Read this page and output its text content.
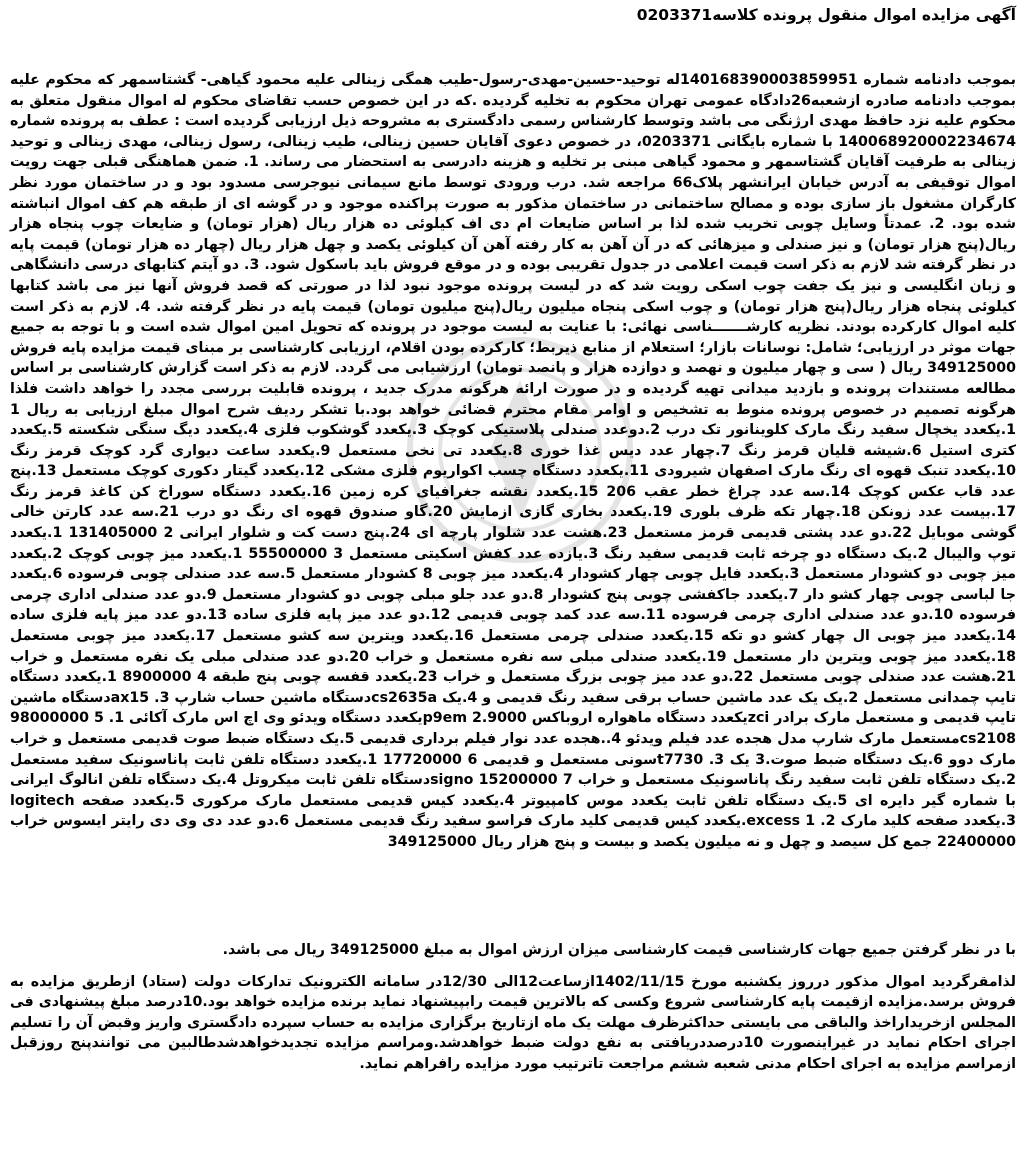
آگهی مزایده اموال منقول پرونده کلاسه0203371
بموجب دادنامه شماره 140168390003859951له توحید-حسین-مهدی-رسول-طیب همگی زینالی علیه محمود گیاهی- گشتاسمهر که محکوم علیه بموجب دادنامه صادره ازشعبه26دادگاه عمومی تهران محکوم به تخلیه گردیده .که در این خصوص حسب تقاضای محکوم له اموال منقول متعلق به محکوم علیه نزد حافظ مهدی ارژنگی می باشد وتوسط کارشناس رسمی دادگستری به مشروحه ذیل ارزیابی گردیده است : عطف به پرونده شماره 140068920002234674 با شماره بایگانی 0203371، در خصوص دعوی آقایان حسین زینالی، طیب زینالی، رسول زینالی، مهدی زینالی و توحید زینالی به طرفیت آقایان گشتاسمهر و محمود گیاهی مبنی بر تخلیه و هزینه دادرسی به استحضار می رساند. 1. ضمن هماهنگی قبلی جهت رویت اموال توقیفی به آدرس خیابان ایرانشهر پلاک66 مراجعه شد. درب ورودی توسط مانع سیمانی نیوجرسی مسدود بود و در ساختمان مورد نظر کارگران مشغول باز سازی بوده و مصالح ساختمانی در ساختمان مذکور به صورت پراکنده موجود و در گوشه ای از طبقه هم کف اموال انباشته شده بود. 2. عمدتاً وسایل چوبی تخریب شده لذا بر اساس ضایعات ام دی اف کیلوئی ده هزار ریال (هزار تومان) و ضایعات چوب پنجاه هزار ریال(پنج هزار تومان) و نیز صندلی و میزهائی که در آن آهن به کار رفته آهن آن کیلوئی یکصد و چهل هزار ریال (چهار ده هزار تومان) قیمت پایه در نظر گرفته شد لازم به ذکر است قیمت اعلامی در جدول تقریبی بوده و در موقع فروش باید باسکول شود. 3. دو آیتم کتابهای درسی دانشگاهی و زبان انگلیسی و نیز یک جفت چوب اسکی رویت شد که در لیست پرونده موجود نبود لذا در صورتی که قصد فروش آنها نیز می باشد کتابها کیلوئی پنجاه هزار ریال(پنج هزار تومان) و چوب اسکی پنجاه میلیون ریال(پنج میلیون تومان) قیمت پایه در نظر گرفته شد. 4. لازم به ذکر است کلیه اموال کارکرده بودند. نظریه کارشـــــــناسی نهائی: با عنایت به لیست موجود در پرونده که تحویل امین اموال شده است و با توجه به جمیع جهات موثر در ارزیابی؛ شامل: نوسانات بازار؛ استعلام از منابع ذیربط؛ کارکرده بودن اقلام، ارزیابی کارشناسی بر مبنای قیمت مزایده پایه فروش 349125000 ریال ( سی و چهار میلیون و نهصد و دوازده هزار و پانصد تومان) ارزشیابی می گردد. لازم به ذکر است گزارش کارشناسی بر اساس مطالعه مستندات پرونده و بازدید میدانی تهیه گردیده و در صورت ارائه هرگونه مدرک جدید ، پرونده قابلیت بررسی مجدد را خواهد داشت فلذا هرگونه تصمیم در خصوص پرونده منوط به تشخیص و اوامر مقام محترم قضائی خواهد بود.با تشکر ردیف شرح اموال مبلغ ارزیابی به ریال 1 1.یکعدد یخچال سفید رنگ مارک کلوینانور تک درب 2.دوعدد صندلی پلاستیکی کوچک 3.یکعدد گوشکوب فلزی 4.یکعدد دیگ سنگی شکسته 5.یکعدد کتری استیل 6.شیشه قلیان قرمز رنگ 7.چهار عدد دیس غذا خوری 8.یکعدد تی نخی مستعمل 9.یکعدد ساعت دیواری گرد کوچک قرمز رنگ 10.یکعدد تنبک قهوه ای رنگ مارک اصفهان شیرودی 11.یکعدد دستگاه چسب اکواریوم فلزی مشکی 12.یکعدد گیتار دکوری کوچک مستعمل 13.پنج عدد قاب عکس کوچک 14.سه عدد چراغ خطر عقب 206 15.یکعدد نقشه جغرافیای کره زمین 16.یکعدد دستگاه سوراخ کن کاغذ قرمز رنگ 17.بیست عدد زونکن 18.چهار تکه ظرف بلوری 19.یکعدد بخاری گازی ازمایش 20.گاو صندوق قهوه ای رنگ دو درب 21.سه عدد کارتن خالی گوشی موبایل 22.دو عدد پشتی قدیمی قرمز مستعمل 23.هشت عدد شلوار پارچه ای 24.پنج دست کت و شلوار ایرانی 2 131405000 1.یکعدد توپ والیبال 2.یک دستگاه دو چرخه ثابت قدیمی سفید رنگ 3.یازده عدد کفش اسکیتی مستعمل 3 55500000 1.یکعدد میز چوبی کوچک 2.یکعدد میز چوبی دو کشودار مستعمل 3.یکعدد فایل چوبی چهار کشودار 4.یکعدد میز چوبی 8 کشودار مستعمل 5.سه عدد صندلی چوبی فرسوده 6.یکعدد جا لباسی چوبی چهار کشو دار 7.یکعدد جاکفشی چوبی پنج کشودار 8.دو عدد جلو مبلی چوبی دو کشودار مستعمل 9.دو عدد صندلی اداری چرمی فرسوده 10.دو عدد صندلی اداری چرمی فرسوده 11.سه عدد کمد چوبی قدیمی 12.دو عدد میز پایه فلزی ساده 13.دو عدد میز پایه فلزی ساده 14.یکعدد میز چوبی ال چهار کشو دو تکه 15.یکعدد صندلی چرمی مستعمل 16.یکعدد ویترین سه کشو مستعمل 17.یکعدد میز چوبی مستعمل 18.یکعدد میز چوبی ویترین دار مستعمل 19.یکعدد صندلی مبلی سه نفره مستعمل و خراب 20.دو عدد صندلی مبلی یک نفره مستعمل و خراب 21.هشت عدد صندلی چوبی مستعمل 22.دو عدد میز چوبی بزرگ مستعمل و خراب 23.یکعدد قفسه چوبی پنج طبقه 4 8900000 1.یکعدد دستگاه تایپ چمدانی مستعمل 2.یک یک عدد ماشین حساب برقی سفید رنگ قدیمی و 4.یک cs2635aدستگاه ماشین حساب شارپ 3. ax15دستگاه ماشین تایپ قدیمی و مستعمل مارک برادر zciیکعدد دستگاه ماهواره اروباکس 2.9000 p9emیکعدد دستگاه ویدئو وی اچ اس مارک آکائی 1. 5 98000000 cs2108مستعمل مارک شارپ مدل هجده عدد فیلم ویدئو 4..هجده عدد نوار فیلم برداری قدیمی 5.یک دستگاه ضبط صوت قدیمی مستعمل و خراب مارک دوو 6.یک دستگاه ضبط صوت.3 یک t7730 .3سونی مستعمل و قدیمی 6 17720000 1.یکعدد دستگاه تلفن ثابت پاناسونیک سفید مستعمل 2.یک دستگاه تلفن ثابت سفید رنگ پاناسونیک مستعمل و خراب 7 15200000 signoدستگاه تلفن ثابت میکروتل 4.یک دستگاه تلفن انالوگ ایرانی با شماره گیر دایره ای 5.یک دستگاه تلفن ثابت یکعدد موس کامپیوتر 4.یکعدد کیس قدیمی مستعمل مارک مرکوری 5.یکعدد صفحه logitech 3.یکعدد صفحه کلید مارک 2. excess 1.یکعدد کیس قدیمی کلید مارک فراسو سفید رنگ قدیمی مستعمل 6.دو عدد دی وی دی رایتر ایسوس خراب 22400000 جمع کل سیصد و چهل و نه میلیون یکصد و بیست و پنج هزار ریال 349125000
با در نظر گرفتن جمیع جهات کارشناسی قیمت کارشناسی میزان ارزش اموال به مبلغ 349125000 ریال می باشد.
لذامقرگردید اموال مذکور درروز یکشنبه مورخ 1402/11/15ازساعت12الی 12/30در سامانه الکترونیک تدارکات دولت (ستاد) ازطریق مزایده به فروش برسد.مزایده ازقیمت پایه کارشناسی شروع وکسی که بالاترین قیمت رابپیشنهاد نماید برنده مزایده خواهد بود.10درصد مبلغ پیشنهادی فی المجلس ازخریداراخذ والباقی می بایستی حداکثرظرف مهلت یک ماه ازتاریخ برگزاری مزایده به حساب سپرده دادگستری واریز وقبض آن را تسلیم اجرای احکام نماید در غیراینصورت 10درصددریافتی به نفع دولت ضبط خواهدشد.ومراسم مزایده تجدیدخواهدشدطالبین می توانندپنج روزقبل ازمراسم مزایده به اجرای احکام مدنی شعبه ششم مراجعت تاترتیب مورد مزایده رافراهم نماید.
